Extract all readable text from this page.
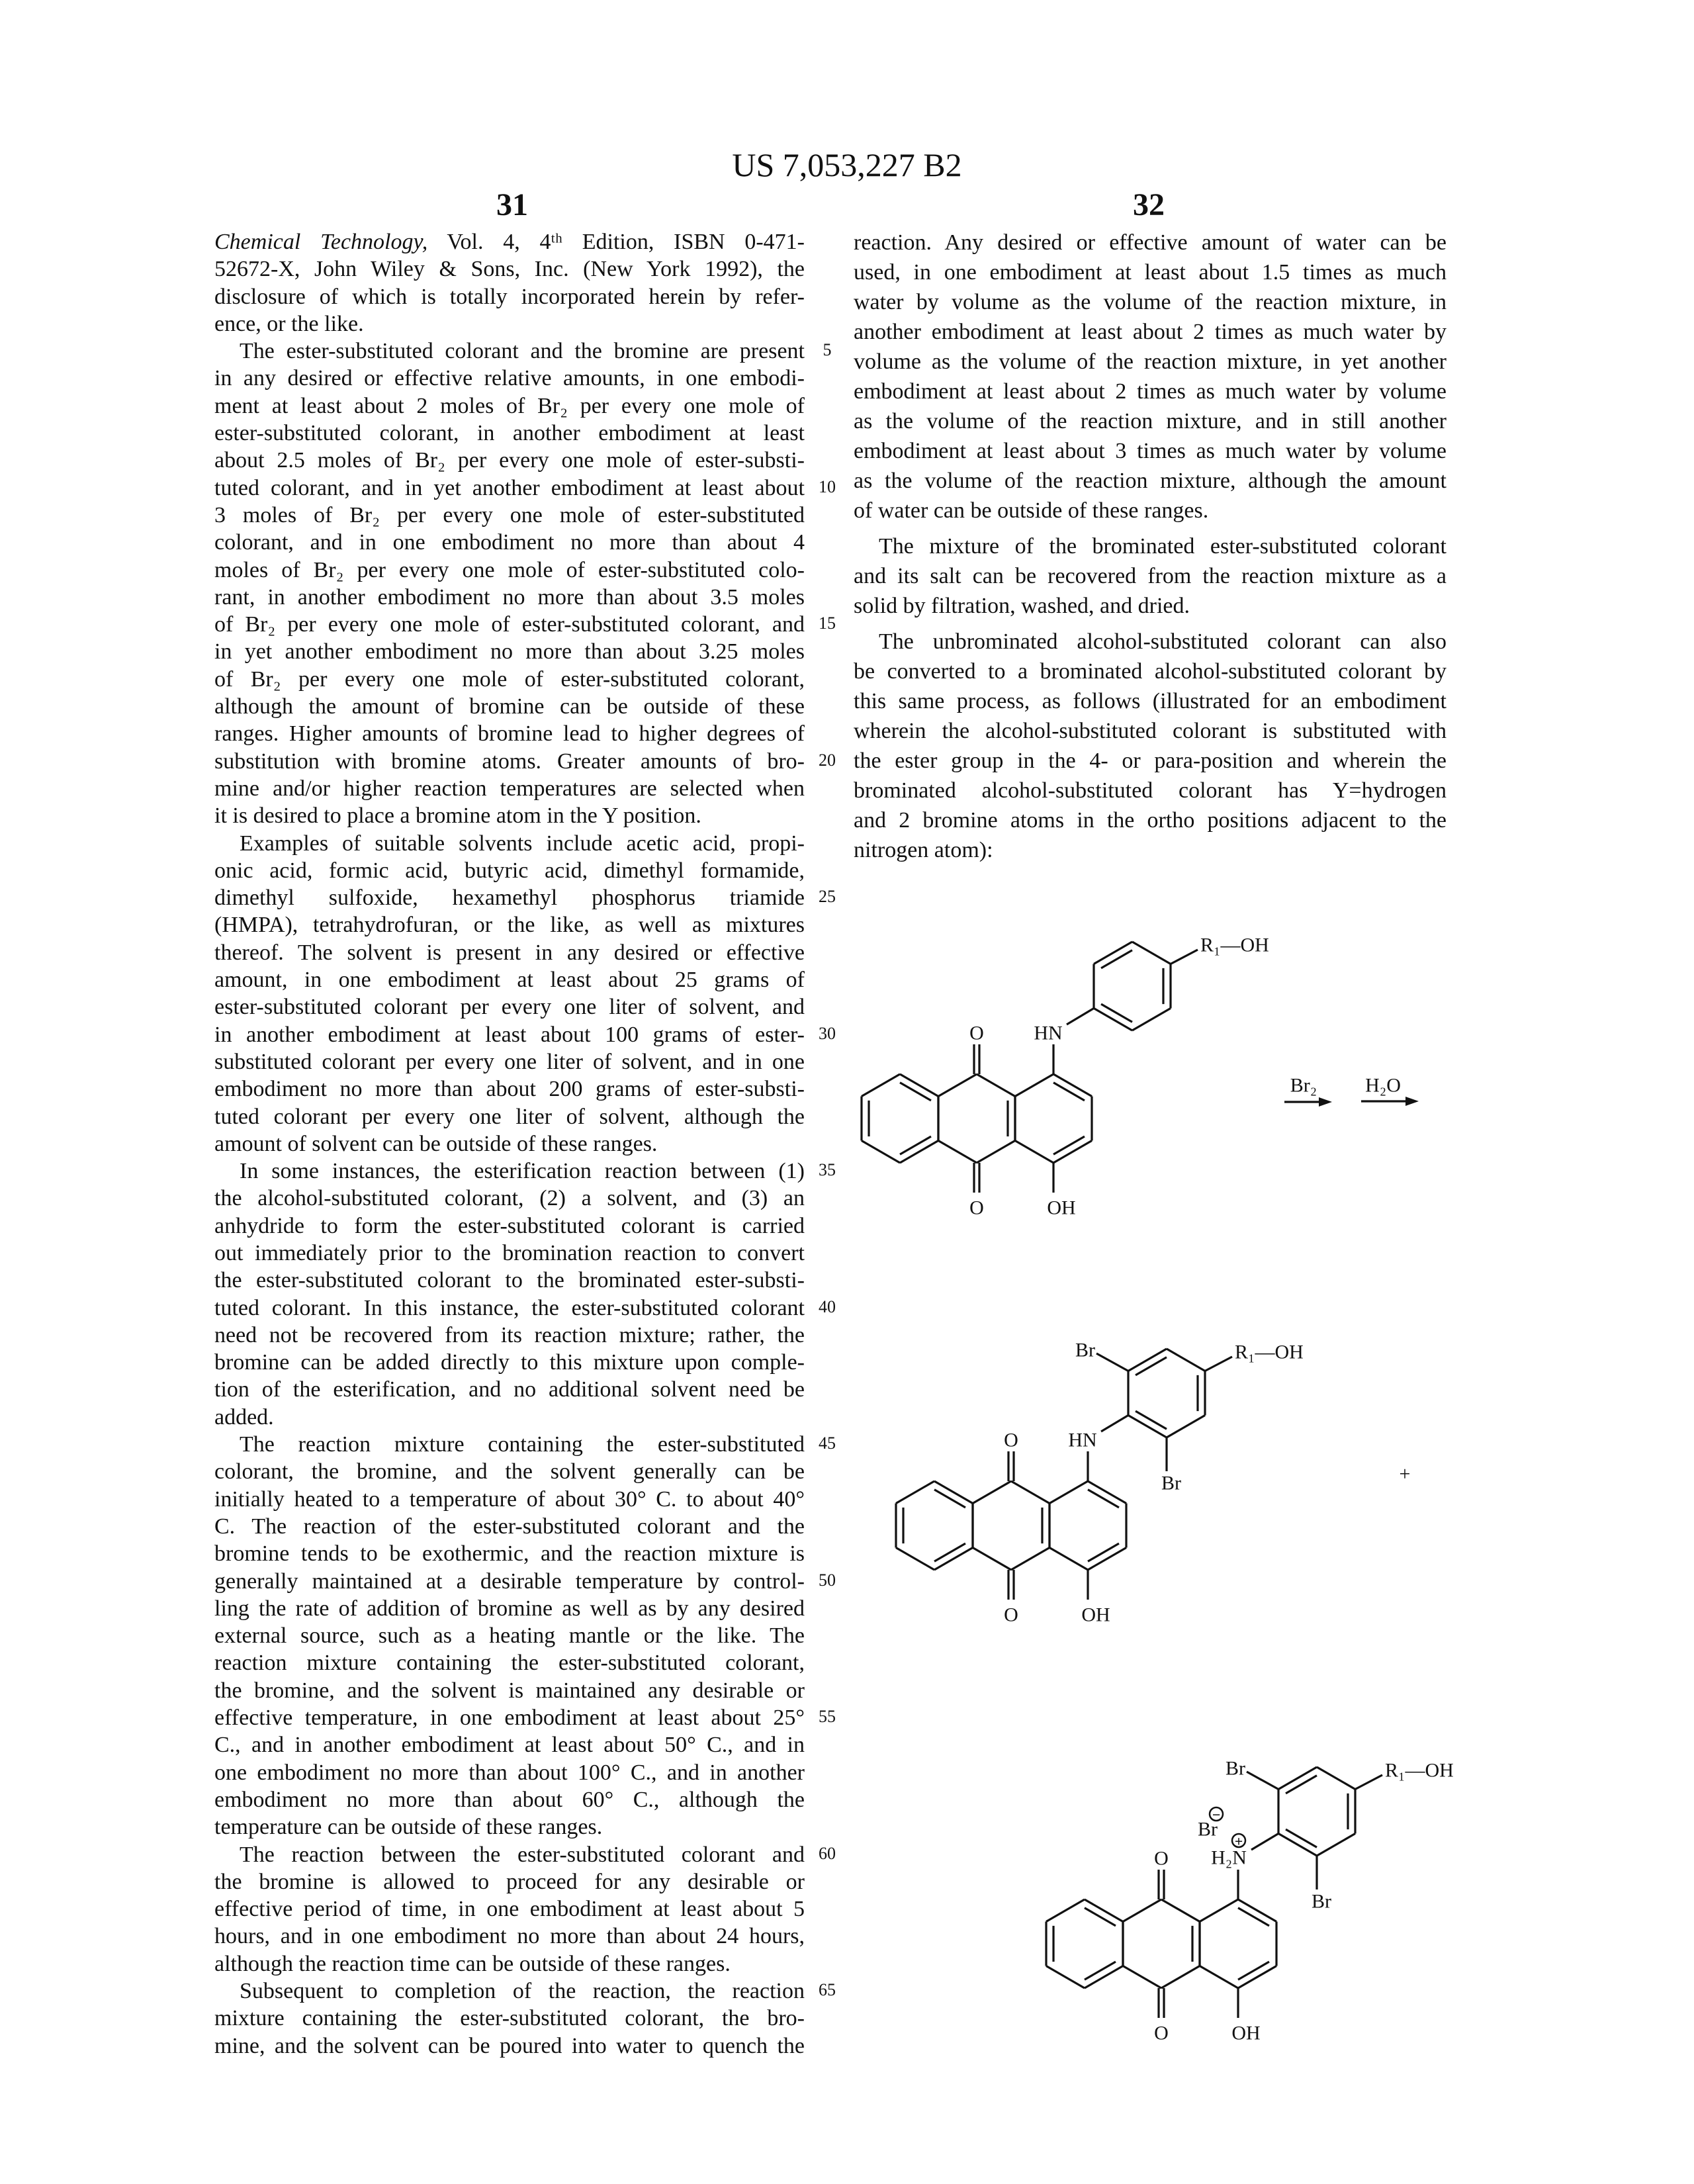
US 7,053,227 B2
31	32
Chemical Technology, Vol. 4, 4ᵗʰ Edition, ISBN 0-471-
52672-X, John Wiley & Sons, Inc. (New York 1992), the
disclosure of which is totally incorporated herein by refer-
ence, or the like.
The ester-substituted colorant and the bromine are present
in any desired or effective relative amounts, in one embodi-
ment at least about 2 moles of Br₂ per every one mole of
ester-substituted colorant, in another embodiment at least
about 2.5 moles of Br₂ per every one mole of ester-substi-
tuted colorant, and in yet another embodiment at least about
3 moles of Br₂ per every one mole of ester-substituted
colorant, and in one embodiment no more than about 4
moles of Br₂ per every one mole of ester-substituted colo-
rant, in another embodiment no more than about 3.5 moles
of Br₂ per every one mole of ester-substituted colorant, and
in yet another embodiment no more than about 3.25 moles
of Br₂ per every one mole of ester-substituted colorant,
although the amount of bromine can be outside of these
ranges. Higher amounts of bromine lead to higher degrees of
substitution with bromine atoms. Greater amounts of bro-
mine and/or higher reaction temperatures are selected when
it is desired to place a bromine atom in the Y position.
Examples of suitable solvents include acetic acid, propi-
onic acid, formic acid, butyric acid, dimethyl formamide,
dimethyl sulfoxide, hexamethyl phosphorus triamide
(HMPA), tetrahydrofuran, or the like, as well as mixtures
thereof. The solvent is present in any desired or effective
amount, in one embodiment at least about 25 grams of
ester-substituted colorant per every one liter of solvent, and
in another embodiment at least about 100 grams of ester-
substituted colorant per every one liter of solvent, and in one
embodiment no more than about 200 grams of ester-substi-
tuted colorant per every one liter of solvent, although the
amount of solvent can be outside of these ranges.
In some instances, the esterification reaction between (1)
the alcohol-substituted colorant, (2) a solvent, and (3) an
anhydride to form the ester-substituted colorant is carried
out immediately prior to the bromination reaction to convert
the ester-substituted colorant to the brominated ester-substi-
tuted colorant. In this instance, the ester-substituted colorant
need not be recovered from its reaction mixture; rather, the
bromine can be added directly to this mixture upon comple-
tion of the esterification, and no additional solvent need be
added.
The reaction mixture containing the ester-substituted
colorant, the bromine, and the solvent generally can be
initially heated to a temperature of about 30° C. to about 40°
C. The reaction of the ester-substituted colorant and the
bromine tends to be exothermic, and the reaction mixture is
generally maintained at a desirable temperature by control-
ling the rate of addition of bromine as well as by any desired
external source, such as a heating mantle or the like. The
reaction mixture containing the ester-substituted colorant,
the bromine, and the solvent is maintained any desirable or
effective temperature, in one embodiment at least about 25°
C., and in another embodiment at least about 50° C., and in
one embodiment no more than about 100° C., and in another
embodiment no more than about 60° C., although the
temperature can be outside of these ranges.
The reaction between the ester-substituted colorant and
the bromine is allowed to proceed for any desirable or
effective period of time, in one embodiment at least about 5
hours, and in one embodiment no more than about 24 hours,
although the reaction time can be outside of these ranges.
Subsequent to completion of the reaction, the reaction
mixture containing the ester-substituted colorant, the bro-
mine, and the solvent can be poured into water to quench the
5
10
15
20
25
30
35
40
45
50
55
60
65
reaction. Any desired or effective amount of water can be
used, in one embodiment at least about 1.5 times as much
water by volume as the volume of the reaction mixture, in
another embodiment at least about 2 times as much water by
volume as the volume of the reaction mixture, in yet another
embodiment at least about 2 times as much water by volume
as the volume of the reaction mixture, and in still another
embodiment at least about 3 times as much water by volume
as the volume of the reaction mixture, although the amount
of water can be outside of these ranges.
The mixture of the brominated ester-substituted colorant
and its salt can be recovered from the reaction mixture as a
solid by filtration, washed, and dried.
The unbrominated alcohol-substituted colorant can also
be converted to a brominated alcohol-substituted colorant by
this same process, as follows (illustrated for an embodiment
wherein the alcohol-substituted colorant is substituted with
the ester group in the 4- or para-position and wherein the
brominated alcohol-substituted colorant has Y=hydrogen
and 2 bromine atoms in the ortho positions adjacent to the
nitrogen atom):
O
O	OH
HN
R₁—OH
O
O	OH
HN
R₁—OH
Br
Br
O
O	OH
H₂N
+
Br
−
R₁—OH
Br
Br
Br₂ H₂O
+
